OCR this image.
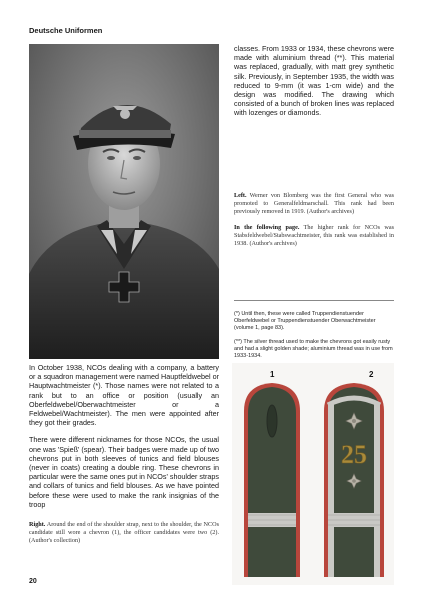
Deutsche Uniformen

classes. From 1933 or 1934, these chevrons were made with aluminium thread (**). This material was replaced, gradually, with matt grey synthetic silk. Previously, in September 1935, the width was reduced to 9-mm (it was 1-cm wide) and the design was modified. The drawing which consisted of a bunch of broken lines was replaced with lozenges or diamonds.

Left. Werner von Blomberg was the first General who was promoted to Generalfeldmarschall. This rank had been previously removed in 1919. (Author's archives)

In the following page. The higher rank for NCOs was Stabsfeldwebel/Stabswachtmeister, this rank was established in 1938. (Author's archives)

(*) Until then, these were called Truppendienstuender Oberfeldwebel or Truppendienstuender Oberwachtmeister (volume 1, page 83).

(**) The silver thread used to make the chevrons got easily rusty and had a slight golden shade; aluminium thread was in use from 1933-1934.

In October 1938, NCOs dealing with a company, a battery or a squadron management were named Hauptfeldwebel or Hauptwachtmeister (*). Those names were not related to a rank but to an office or position (usually an Oberfeldwebel/Oberwachtmeister or a Feldwebel/Wachtmeister). The men were appointed after they got their grades.

There were different nicknames for those NCOs, the usual one was 'Spieß' (spear). Their badges were made up of two chevrons put in both sleeves of tunics and field blouses (never in coats) creating a double ring. These chevrons in particular were the same ones put in NCOs' shoulder straps and collars of tunics and field blouses. As we have pointed before these were used to make the rank insignias of the troop

Right. Around the end of the shoulder strap, next to the shoulder, the NCOs candidate still wore a chevron (1), the officer candidates were two (2). (Author's collection)

1	2
25
20
